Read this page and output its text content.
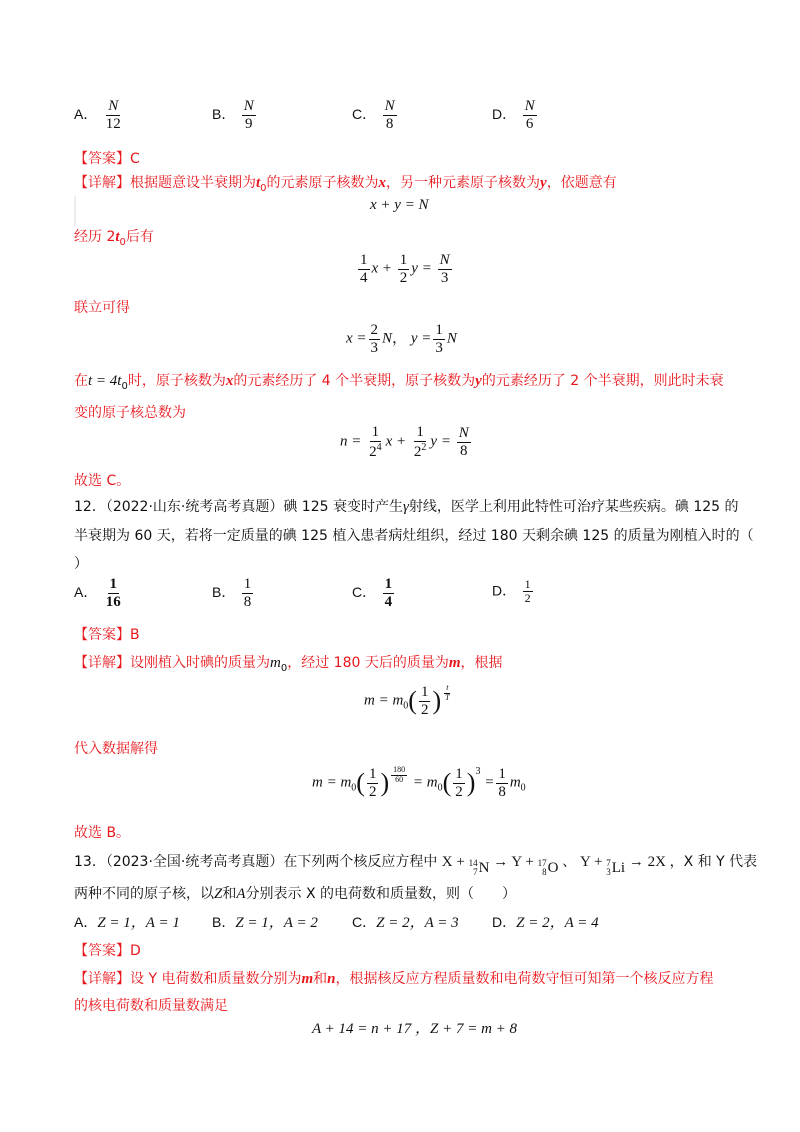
A． $\frac{N}{12}$	B． $\frac{N}{9}$	C． $\frac{N}{8}$	D． $\frac{N}{6}$
【答案】C
【详解】根据题意设半衰期为$t_0$的元素原子核数为x，另一种元素原子核数为y，依题意有
x + y = N
经历 $2t_0$后有
$\frac{1}{4}$ $x + \frac{1}{2}$ $y = \frac{N}{3}$
联立可得
$x = \frac{2}{3}$ N， $y = \frac{1}{3}$ N
在$t = 4t_0$时，原子核数为x的元素经历了 4 个半衰期，原子核数为y的元素经历了 2 个半衰期，则此时未衰
变的原子核总数为
$n = \frac{1}{2^4}$ $x + \frac{1}{2^2}$ $y = \frac{N}{8}$
故选 C。
12．（2022·山东·统考高考真题）碘 125 衰变时产生γ射线，医学上利用此特性可治疗某些疾病。碘 125 的
半衰期为 60 天，若将一定质量的碘 125 植入患者病灶组织，经过 180 天剩余碘 125 的质量为刚植入时的（
）
A． $\frac{1}{16}$	B． $\frac{1}{8}$	C． $\frac{1}{4}$	D． $\frac{1}{2}$
【答案】B
【详解】设刚植入时碘的质量为$m_0$，经过 180 天后的质量为m，根据
$m = m_0( \frac{1}{2}$ ) $\frac{t}{T}$
代入数据解得
$m = m_0( \frac{1}{2}$ ) $\frac{180}{60} = m_0( \frac{1}{2} )^3 = \frac{1}{8} m_0$
故选 B。
13．（2023·全国·统考高考真题）在下列两个核反应方程中 X + 14
7 N → Y + 17
8 O 、 Y + 7
3 Li → 2X ，X 和 Y 代表
两种不同的原子核，以Z和A分别表示 X 的电荷数和质量数，则（　　）
A．Z = 1，A = 1 B．Z = 1，A = 2 C．Z = 2，A = 3 D．Z = 2，A = 4
【答案】D
【详解】设 Y 电荷数和质量数分别为m和n，根据核反应方程质量数和电荷数守恒可知第一个核反应方程
的核电荷数和质量数满足
A + 14 = n + 17 ，Z + 7 = m + 8
